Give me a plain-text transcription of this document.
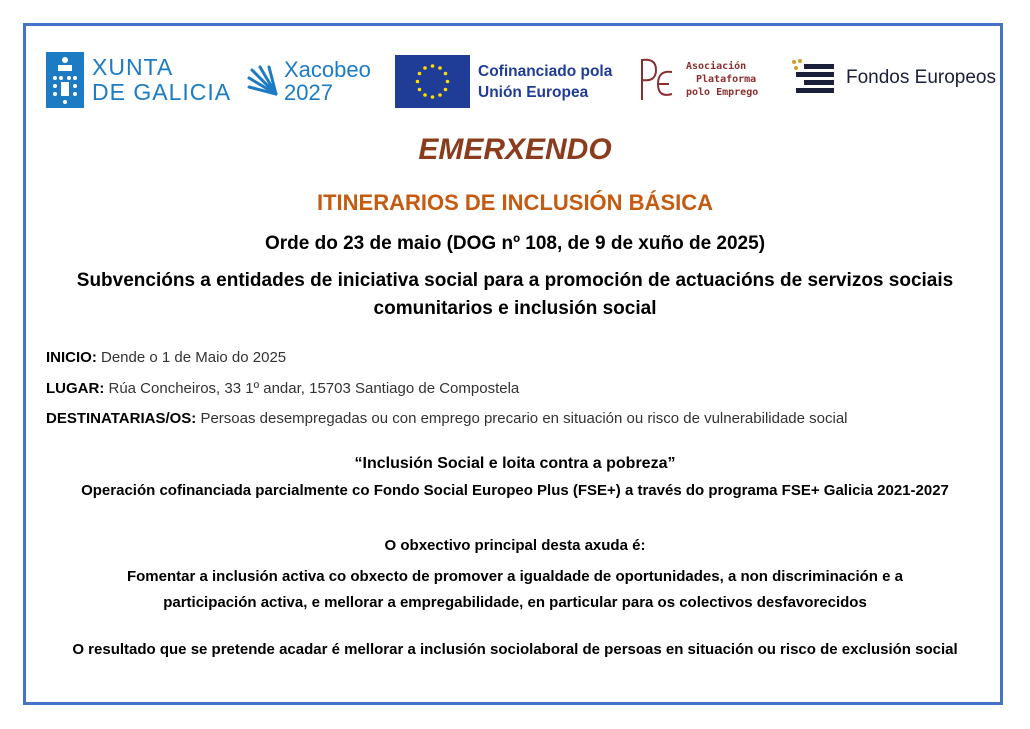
XUNTA
DE GALICIA
Xacobeo
2027
Cofinanciado pola
Unión Europea
Asociación
Plataforma
polo Emprego
Fondos Europeos
EMERXENDO
ITINERARIOS DE INCLUSIÓN BÁSICA
Orde do 23 de maio (DOG nº 108, de 9 de xuño de 2025)
Subvencións a entidades de iniciativa social para a promoción de actuacións de servizos sociais
comunitarios e inclusión social
INICIO: Dende o 1 de Maio do 2025
LUGAR: Rúa Concheiros, 33 1º andar, 15703 Santiago de Compostela
DESTINATARIAS/OS: Persoas desempregadas ou con emprego precario en situación ou risco de vulnerabilidade social
“Inclusión Social e loita contra a pobreza”
Operación cofinanciada parcialmente co Fondo Social Europeo Plus (FSE+) a través do programa FSE+ Galicia 2021-2027
O obxectivo principal desta axuda é:
Fomentar a inclusión activa co obxecto de promover a igualdade de oportunidades, a non discriminación e a
participación activa, e mellorar a empregabilidade, en particular para os colectivos desfavorecidos
O resultado que se pretende acadar é mellorar a inclusión sociolaboral de persoas en situación ou risco de exclusión social
